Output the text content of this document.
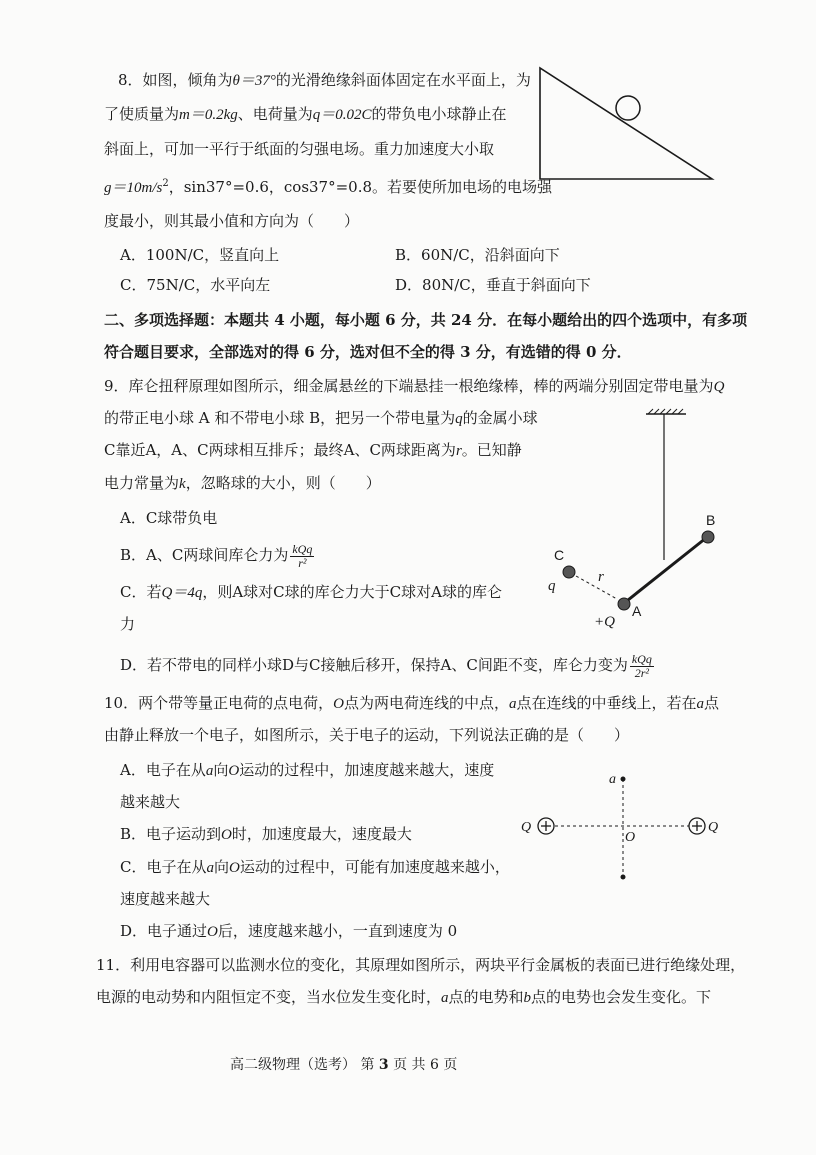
8．如图，倾角为θ＝37°的光滑绝缘斜面体固定在水平面上，为
了使质量为m＝0.2kg、电荷量为q＝0.02C的带负电小球静止在
斜面上，可加一平行于纸面的匀强电场。重力加速度大小取
$g=10m/s^2$，sin37°=0.6，cos37°=0.8。若要使所加电场的电场强
度最小，则其最小值和方向为（　　）
A．100N/C，竖直向上	B．60N/C，沿斜面向下
C．75N/C，水平向左	D．80N/C，垂直于斜面向下
二、多项选择题：本题共 4 小题，每小题 6 分，共 24 分．在每小题给出的四个选项中，有多项
符合题目要求，全部选对的得 6 分，选对但不全的得 3 分，有选错的得 0 分．
9．库仑扭秤原理如图所示，细金属悬丝的下端悬挂一根绝缘棒，棒的两端分别固定带电量为Q
的带正电小球 A 和不带电小球 B，把另一个带电量为q的金属小球
C靠近A，A、C两球相互排斥；最终A、C两球距离为r。已知静
电力常量为k，忽略球的大小，则（　　）
A．C球带负电
B．A、C两球间库仑力为 $\frac{\text{kQq}}{\text{r²}}$
C．若Q＝4q，则A球对C球的库仑力大于C球对A球的库仑
力
D．若不带电的同样小球D与C接触后移开，保持A、C间距不变，库仑力变为 $\frac{\text{kQq}}{\text{2r²}}$
B
C
q
r
A
+Q
10．两个带等量正电荷的点电荷，O点为两电荷连线的中点，a点在连线的中垂线上，若在a点
由静止释放一个电子，如图所示，关于电子的运动，下列说法正确的是（　　）
A．电子在从a向O运动的过程中，加速度越来越大，速度
越来越大
B．电子运动到O时，加速度最大，速度最大
C．电子在从a向O运动的过程中，可能有加速度越来越小，
速度越来越大
D．电子通过O后，速度越来越小，一直到速度为 0
a
O
Q	Q
11．利用电容器可以监测水位的变化，其原理如图所示，两块平行金属板的表面已进行绝缘处理，
电源的电动势和内阻恒定不变，当水位发生变化时，a点的电势和b点的电势也会发生变化。下
高二级物理（选考） 第 3 页 共 6 页
